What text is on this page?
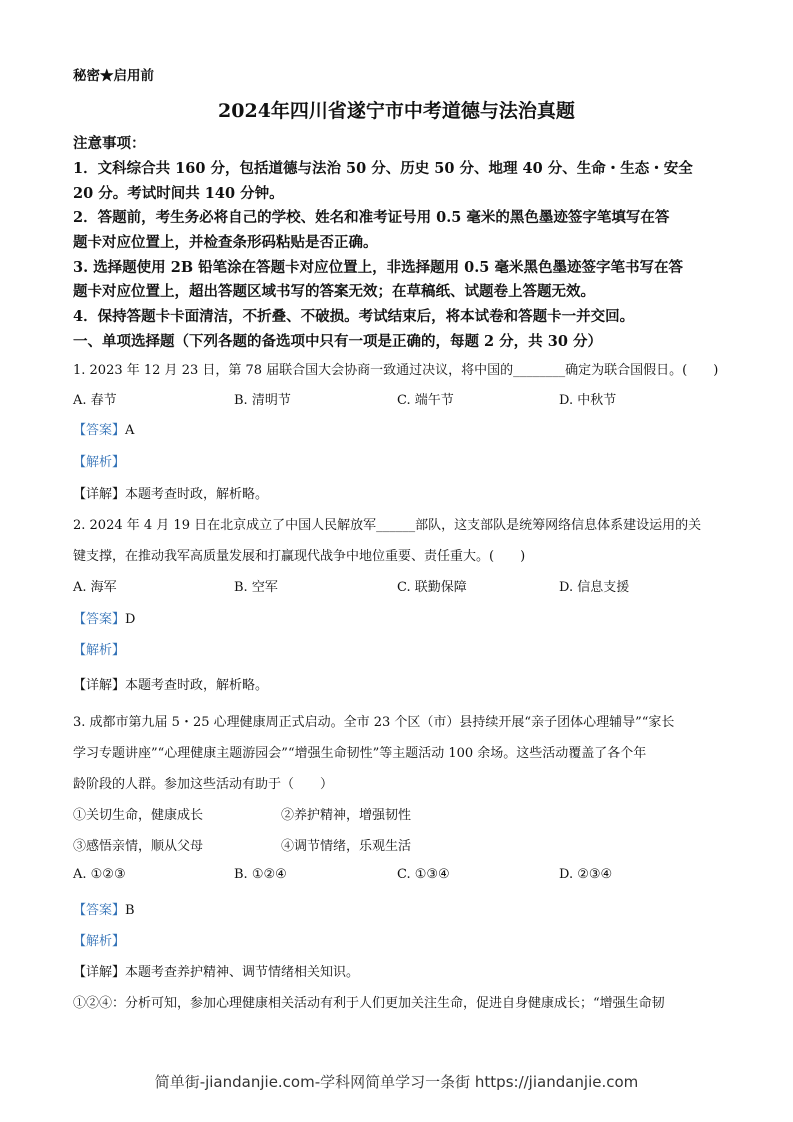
秘密★启用前
2024年四川省遂宁市中考道德与法治真题
注意事项：
1．文科综合共 160 分，包括道德与法治 50 分、历史 50 分、地理 40 分、生命・生态・安全
20 分。考试时间共 140 分钟。
2．答题前，考生务必将自己的学校、姓名和准考证号用 0.5 毫米的黑色墨迹签字笔填写在答
题卡对应位置上，并检查条形码粘贴是否正确。
3. 选择题使用 2B 铅笔涂在答题卡对应位置上，非选择题用 0.5 毫米黑色墨迹签字笔书写在答
题卡对应位置上，超出答题区域书写的答案无效；在草稿纸、试题卷上答题无效。
4．保持答题卡卡面清洁，不折叠、不破损。考试结束后，将本试卷和答题卡一并交回。
一、单项选择题（下列各题的备选项中只有一项是正确的，每题 2 分，共 30 分）
1. 2023 年 12 月 23 日，第 78 届联合国大会协商一致通过决议，将中国的________确定为联合国假日。(　　)
A. 春节	B. 清明节	C. 端午节	D. 中秋节
【答案】A
【解析】
【详解】本题考查时政，解析略。
2. 2024 年 4 月 19 日在北京成立了中国人民解放军______部队，这支部队是统筹网络信息体系建设运用的关
键支撑，在推动我军高质量发展和打赢现代战争中地位重要、责任重大。(　　)
A. 海军	B. 空军	C. 联勤保障	D. 信息支援
【答案】D
【解析】
【详解】本题考查时政，解析略。
3. 成都市第九届 5・25 心理健康周正式启动。全市 23 个区（市）县持续开展“亲子团体心理辅导”“家长
学习专题讲座”“心理健康主题游园会”“增强生命韧性”等主题活动 100 余场。这些活动覆盖了各个年
龄阶段的人群。参加这些活动有助于（　　）
①关切生命，健康成长	②养护精神，增强韧性
③感悟亲情，顺从父母	④调节情绪，乐观生活
A. ①②③	B. ①②④	C. ①③④	D. ②③④
【答案】B
【解析】
【详解】本题考查养护精神、调节情绪相关知识。
①②④：分析可知，参加心理健康相关活动有利于人们更加关注生命，促进自身健康成长；“增强生命韧
简单街-jiandanjie.com-学科网简单学习一条街 https://jiandanjie.com
